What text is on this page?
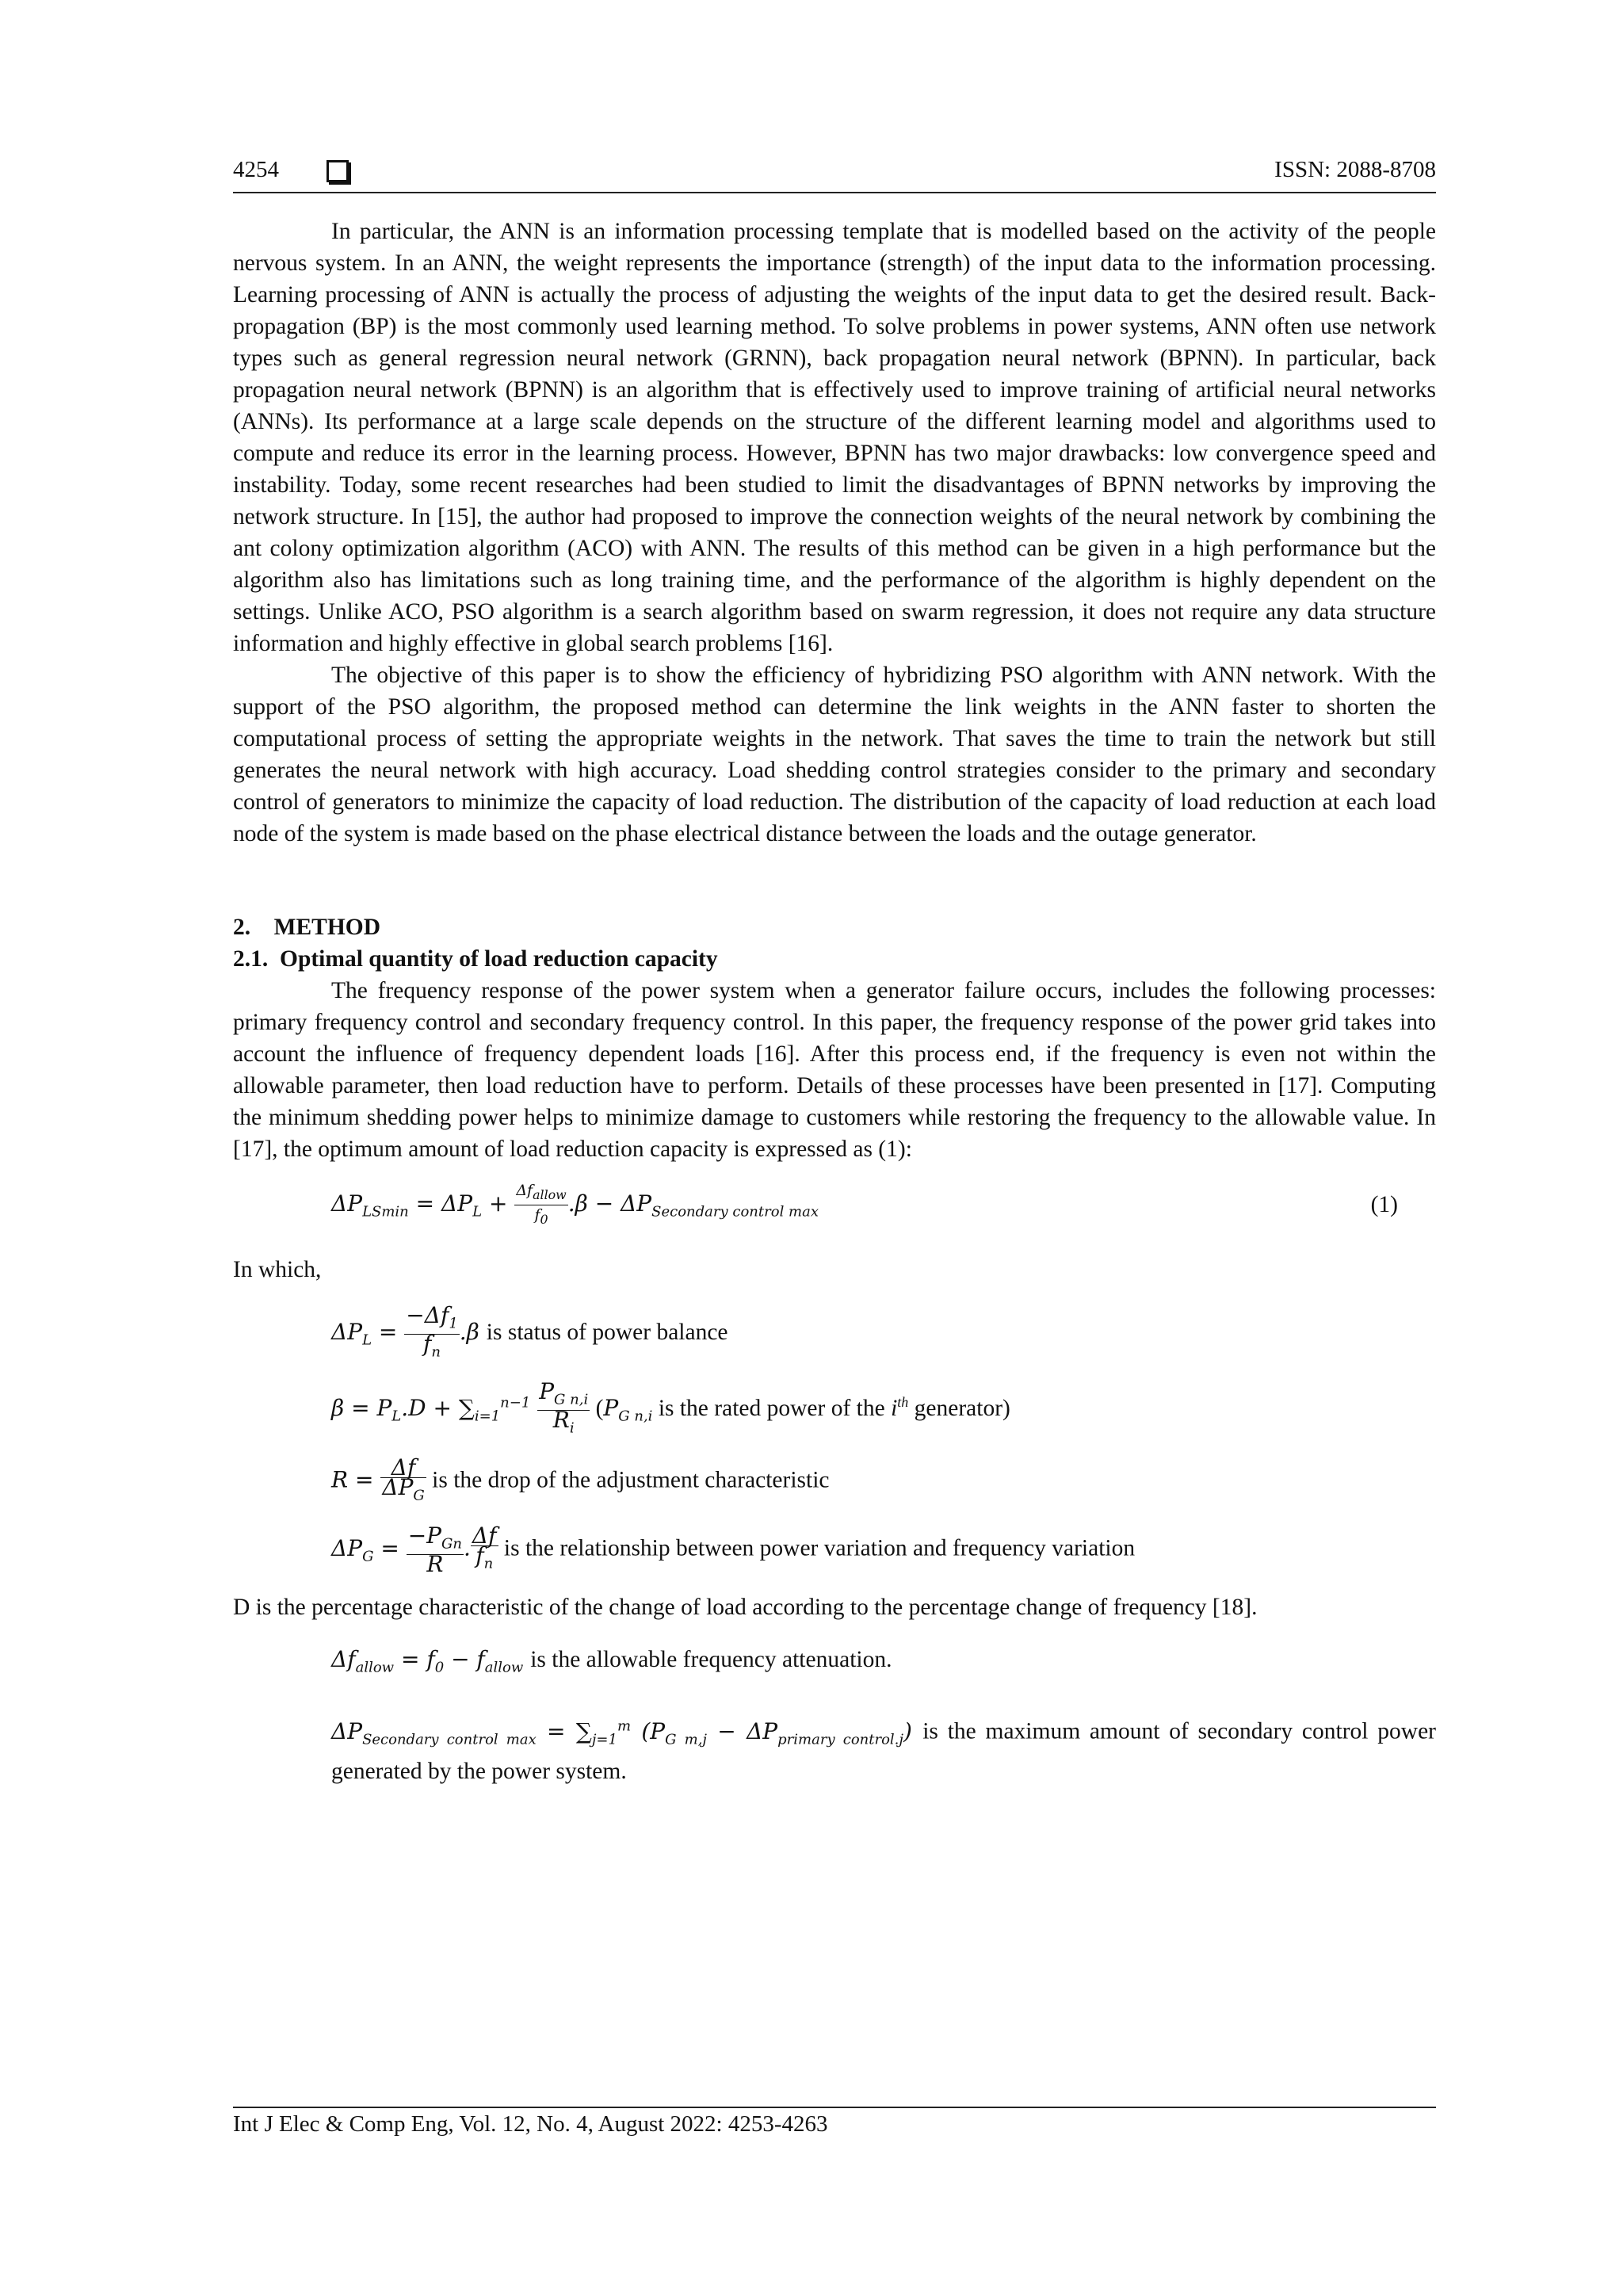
4254	ISSN: 2088-8708

In particular, the ANN is an information processing template that is modelled based on the activity of the people nervous system. In an ANN, the weight represents the importance (strength) of the input data to the information processing. Learning processing of ANN is actually the process of adjusting the weights of the input data to get the desired result. Back-propagation (BP) is the most commonly used learning method. To solve problems in power systems, ANN often use network types such as general regression neural network (GRNN), back propagation neural network (BPNN). In particular, back propagation neural network (BPNN) is an algorithm that is effectively used to improve training of artificial neural networks (ANNs). Its performance at a large scale depends on the structure of the different learning model and algorithms used to compute and reduce its error in the learning process. However, BPNN has two major drawbacks: low convergence speed and instability. Today, some recent researches had been studied to limit the disadvantages of BPNN networks by improving the network structure. In [15], the author had proposed to improve the connection weights of the neural network by combining the ant colony optimization algorithm (ACO) with ANN. The results of this method can be given in a high performance but the algorithm also has limitations such as long training time, and the performance of the algorithm is highly dependent on the settings. Unlike ACO, PSO algorithm is a search algorithm based on swarm regression, it does not require any data structure information and highly effective in global search problems [16].

The objective of this paper is to show the efficiency of hybridizing PSO algorithm with ANN network. With the support of the PSO algorithm, the proposed method can determine the link weights in the ANN faster to shorten the computational process of setting the appropriate weights in the network. That saves the time to train the network but still generates the neural network with high accuracy. Load shedding control strategies consider to the primary and secondary control of generators to minimize the capacity of load reduction. The distribution of the capacity of load reduction at each load node of the system is made based on the phase electrical distance between the loads and the outage generator.

2.    METHOD

2.1.  Optimal quantity of load reduction capacity

The frequency response of the power system when a generator failure occurs, includes the following processes: primary frequency control and secondary frequency control. In this paper, the frequency response of the power grid takes into account the influence of frequency dependent loads [16]. After this process end, if the frequency is even not within the allowable parameter, then load reduction have to perform. Details of these processes have been presented in [17]. Computing the minimum shedding power helps to minimize damage to customers while restoring the frequency to the allowable value. In [17], the optimum amount of load reduction capacity is expressed as (1):

$\Delta P_{LSmin} = \Delta P_L + \frac{\Delta f_{allow}}{f_0} .\beta - \Delta P_{Secondary control max}$	(1)

In which,

$\Delta P_L = \frac{-\Delta f_1}{f_n} .\beta$ is status of power balance
$\beta = P_L.D + \sum_{i=1}^{n-1} \frac{P_{G n,i}}{R_i} (P_{G n,i}$ is the rated power of the $i^{th}$ generator)
$R = \frac{\Delta f}{\Delta P_G}$ is the drop of the adjustment characteristic
$\Delta P_G = \frac{-P_{Gn}}{R}$ . $\frac{\Delta f}{f_n}$ is the relationship between power variation and frequency variation

D is the percentage characteristic of the change of load according to the percentage change of frequency [18].

$\Delta f_{allow} = f_0 - f_{allow}$ is the allowable frequency attenuation.
$\Delta P_{Secondary control max} = \sum_{j=1}^m$ $(P_{G m,j} - \Delta P_{primary control.j})$ is the maximum amount of secondary control power generated by the power system.
Int J Elec & Comp Eng, Vol. 12, No. 4, August 2022: 4253-4263
